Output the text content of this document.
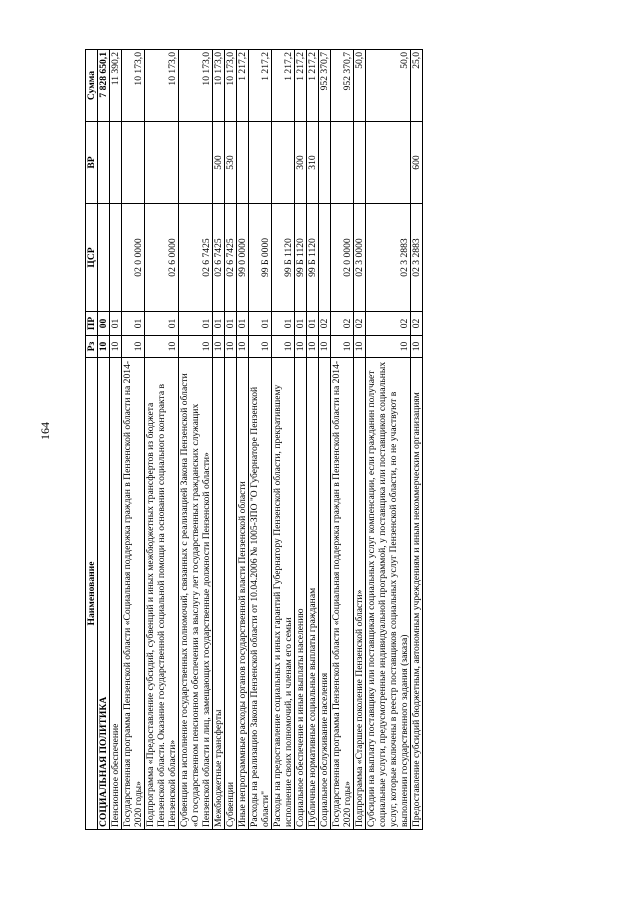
164
Наименование	Рз	ПР	ЦСР	ВР	Сумма
СОЦИАЛЬНАЯ ПОЛИТИКА	10	00			7 828 650,1
Пенсионное обеспечение	10	01			11 390,2
Государственная программа Пензенской области «Социальная поддержка граждан в Пензенской области на 2014-2020 годы»	10	01	02 0 0000		10 173,0
Подпрограмма «Предоставление субсидий, субвенций и иных межбюджетных трансфертов из бюджета Пензенской области. Оказание государственной социальной помощи на основании социального контракта в Пензенской области»	10	01	02 6 0000		10 173,0
Субвенции на исполнение государственных полномочий, связанных с реализацией Закона Пензенской области «О государственном пенсионном обеспечении за выслугу лет государственных гражданских служащих Пензенской области и лиц, замещающих государственные должности Пензенской области»	10	01	02 6 7425		10 173,0
Межбюджетные трансферты	10	01	02 6 7425	500	10 173,0
Субвенции	10	01	02 6 7425	530	10 173,0
Иные непрограммные расходы органов государственной власти Пензенской области	10	01	99 0 0000		1 217,2
Расходы на реализацию Закона Пензенской области от 10.04.2006 № 1005-ЗПО "О Губернаторе Пензенской области"	10	01	99 Б 0000		1 217,2
Расходы на предоставление социальных и иных гарантий Губернатору Пензенской области, прекратившему исполнение своих полномочий, и членам его семьи	10	01	99 Б 1120		1 217,2
Социальное обеспечение и иные выплаты населению	10	01	99 Б 1120	300	1 217,2
Публичные нормативные социальные выплаты гражданам	10	01	99 Б 1120	310	1 217,2
Социальное обслуживание населения	10	02			952 370,7
Государственная программа Пензенской области «Социальная поддержка граждан в Пензенской области на 2014-2020 годы»	10	02	02 0 0000		952 370,7
Подпрограмма «Старшее поколение Пензенской области»	10	02	02 3 0000		50,0
Субсидии на выплату поставщику или поставщикам социальных услуг компенсации, если гражданин получает социальные услуги, предусмотренные индивидуальной программой, у поставщика или поставщиков социальных услуг, которые включены в реестр поставщиков социальных услуг Пензенской области, но не участвуют в выполнении государственного задания (заказа)	10	02	02 3 2883		50,0
Предоставление субсидий бюджетным, автономным учреждениям и иным некоммерческим организациям	10	02	02 3 2883	600	25,0
